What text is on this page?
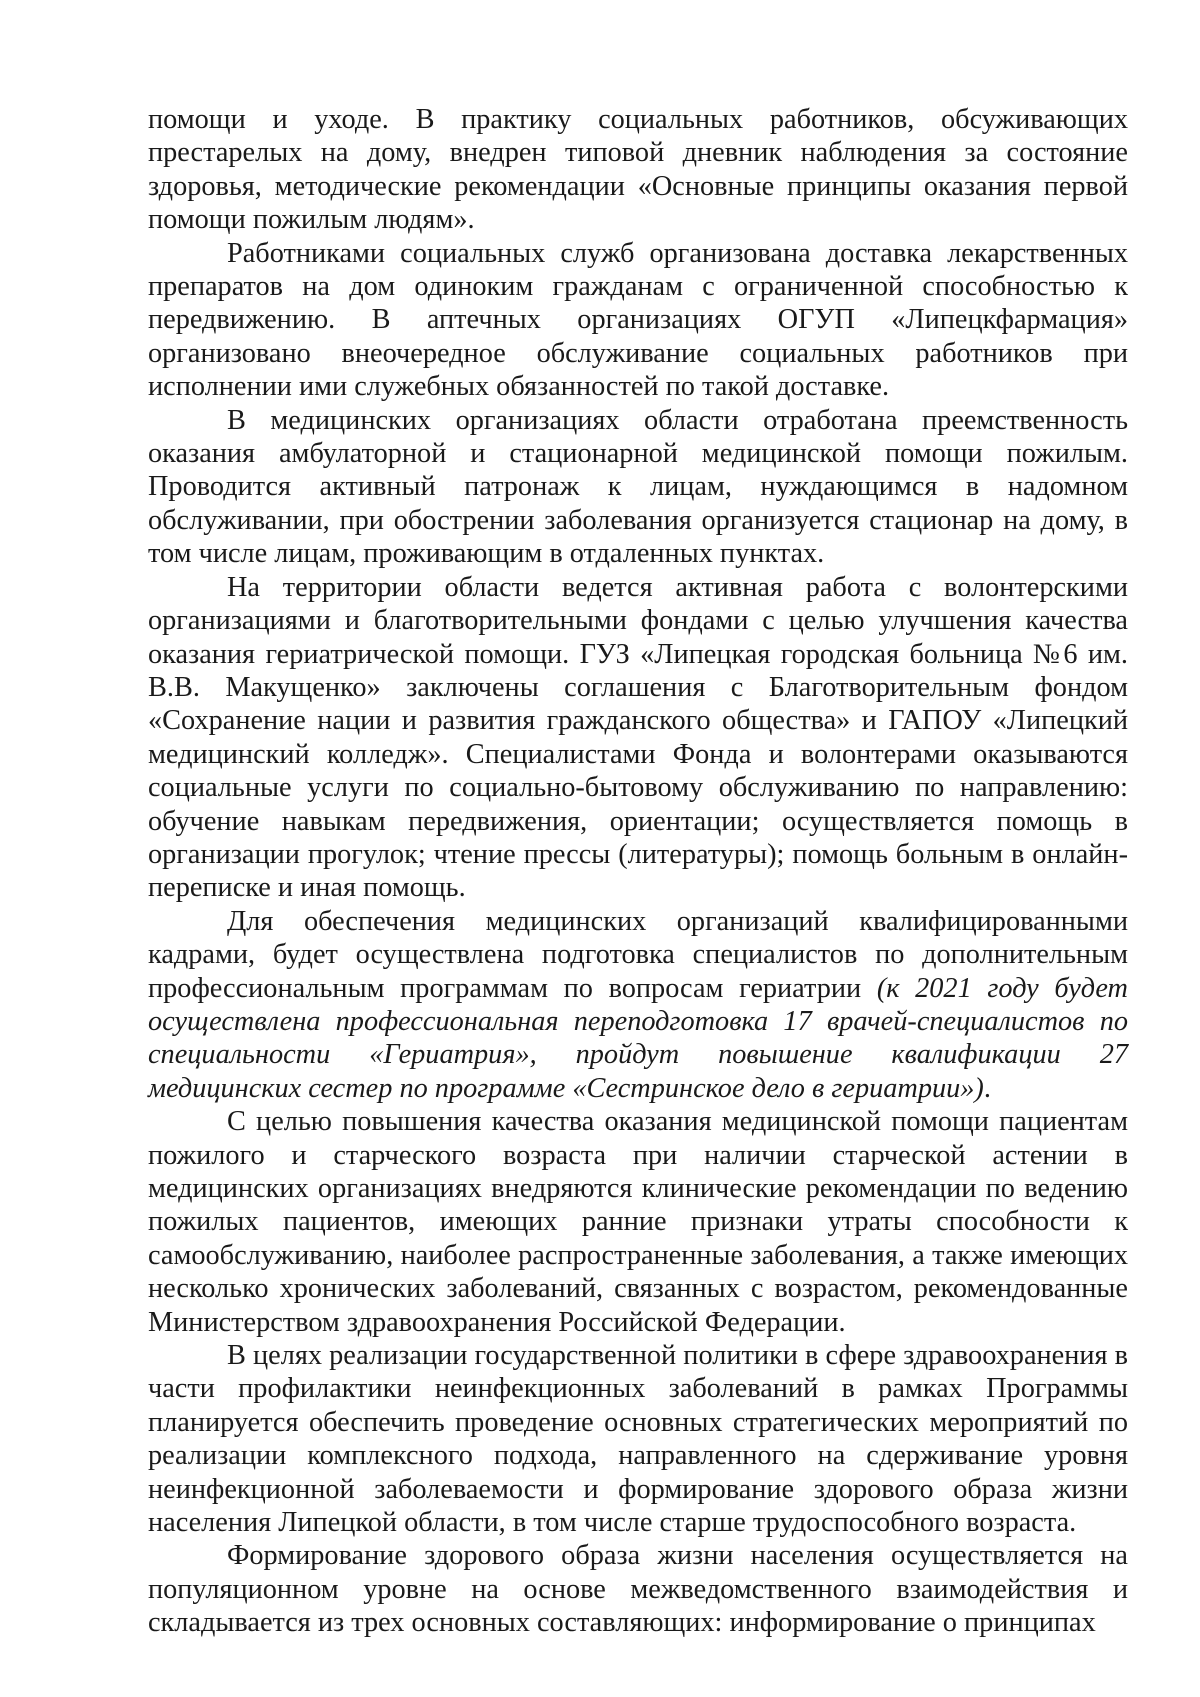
помощи и уходе. В практику социальных работников, обсуживающих престарелых на дому, внедрен типовой дневник наблюдения за состояние здоровья, методические рекомендации «Основные принципы оказания первой помощи пожилым людям».

Работниками социальных служб организована доставка лекарственных препаратов на дом одиноким гражданам с ограниченной способностью к передвижению. В аптечных организациях ОГУП «Липецкфармация» организовано внеочередное обслуживание социальных работников при исполнении ими служебных обязанностей по такой доставке.

В медицинских организациях области отработана преемственность оказания амбулаторной и стационарной медицинской помощи пожилым. Проводится активный патронаж к лицам, нуждающимся в надомном обслуживании, при обострении заболевания организуется стационар на дому, в том числе лицам, проживающим в отдаленных пунктах.

На территории области ведется активная работа с волонтерскими организациями и благотворительными фондами с целью улучшения качества оказания гериатрической помощи. ГУЗ «Липецкая городская больница №6 им. В.В. Макущенко» заключены соглашения с Благотворительным фондом «Сохранение нации и развития гражданского общества» и ГАПОУ «Липецкий медицинский колледж». Специалистами Фонда и волонтерами оказываются социальные услуги по социально-бытовому обслуживанию по направлению: обучение навыкам передвижения, ориентации; осуществляется помощь в организации прогулок; чтение прессы (литературы); помощь больным в онлайн-переписке и иная помощь.

Для обеспечения медицинских организаций квалифицированными кадрами, будет осуществлена подготовка специалистов по дополнительным профессиональным программам по вопросам гериатрии (к 2021 году будет осуществлена профессиональная переподготовка 17 врачей-специалистов по специальности «Гериатрия», пройдут повышение квалификации 27 медицинских сестер по программе «Сестринское дело в гериатрии»).

С целью повышения качества оказания медицинской помощи пациентам пожилого и старческого возраста при наличии старческой астении в медицинских организациях внедряются клинические рекомендации по ведению пожилых пациентов, имеющих ранние признаки утраты способности к самообслуживанию, наиболее распространенные заболевания, а также имеющих несколько хронических заболеваний, связанных с возрастом, рекомендованные Министерством здравоохранения Российской Федерации.

В целях реализации государственной политики в сфере здравоохранения в части профилактики неинфекционных заболеваний в рамках Программы планируется обеспечить проведение основных стратегических мероприятий по реализации комплексного подхода, направленного на сдерживание уровня неинфекционной заболеваемости и формирование здорового образа жизни населения Липецкой области, в том числе старше трудоспособного возраста.

Формирование здорового образа жизни населения осуществляется на популяционном уровне на основе межведомственного взаимодействия и складывается из трех основных составляющих: информирование о принципах
